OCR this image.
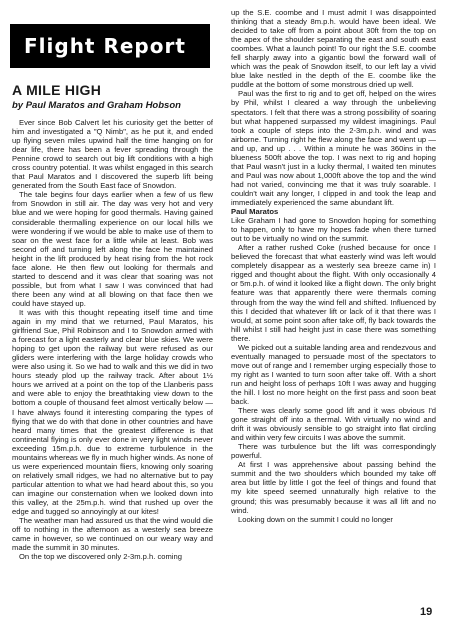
Flight Report
A MILE HIGH
by Paul Maratos and Graham Hobson

Ever since Bob Calvert let his curiosity get the better of him and investigated a "Q Nimb", as he put it, and ended up flying seven miles upwind half the time hanging on for dear life, there has been a fever spreading through the Pennine crowd to search out big lift conditions with a high cross country potential. It was whilst engaged in this search that Paul Maratos and I discovered the superb lift being generated from the South East face of Snowdon.

The tale begins four days earlier when a few of us flew from Snowdon in still air. The day was very hot and very blue and we were hoping for good thermals. Having gained considerable thermalling experience on our local hills we were wondering if we would be able to make use of them to soar on the west face for a little while at least. Bob was second off and turning left along the face he maintained height in the lift produced by heat rising from the hot rock face alone. He then flew out looking for thermals and started to descend and it was clear that soaring was not possible, but from what I saw I was convinced that had there been any wind at all blowing on that face then we could have stayed up.

It was with this thought repeating itself time and time again in my mind that we returned, Paul Maratos, his girlfriend Sue, Phil Robinson and I to Snowdon armed with a forecast for a light easterly and clear blue skies. We were hoping to get upon the railway but were refused as our gliders were interfering with the large holiday crowds who were also using it. So we had to walk and this we did in two hours steady plod up the railway track. After about 1½ hours we arrived at a point on the top of the Llanberis pass and were able to enjoy the breathtaking view down to the bottom a couple of thousand feet almost vertically below — I have always found it interesting comparing the types of flying that we do with that done in other countries and have heard many times that the greatest difference is that continental flying is only ever done in very light winds never exceeding 15m.p.h. due to extreme turbulence in the mountains whereas we fly in much higher winds. As none of us were experienced mountain fliers, knowing only soaring on relatively small ridges, we had no alternative but to pay particular attention to what we had heard about this, so you can imagine our consternation when we looked down into this valley, at the 25m.p.h. wind that rushed up over the edge and tugged so annoyingly at our kites!

The weather man had assured us that the wind would die off to nothing in the afternoon as a westerly sea breeze came in however, so we continued on our weary way and made the summit in 30 minutes.

On the top we discovered only 2-3m.p.h. coming

up the S.E. coombe and I must admit I was disappointed thinking that a steady 8m.p.h. would have been ideal. We decided to take off from a point about 30ft from the top on the apex of the shoulder separating the east and south east coombes. What a launch point! To our right the S.E. coombe fell sharply away into a gigantic bowl the forward wall of which was the peak of Snowdon itself, to our left lay a vivid blue lake nestled in the depth of the E. coombe like the puddle at the bottom of some monstrous dried up well.

Paul was the first to rig and to get off, helped on the wires by Phil, whilst I cleared a way through the unbelieving spectators. I felt that there was a strong possibility of soaring but what happened surpassed my wildest imaginings. Paul took a couple of steps into the 2-3m.p.h. wind and was airborne. Turning right he flew along the face and went up — and up, and up . . . Within a minute he was 360ins in the blueness 500ft above the top. I was next to rig and hoping that Paul wasn't just in a lucky thermal, I waited ten minutes and Paul was now about 1,000ft above the top and the wind had not varied, convincing me that it was truly soarable. I couldn't wait any longer, I clipped in and took the leap and immediately experienced the same abundant lift.

Paul Maratos

Like Graham I had gone to Snowdon hoping for something to happen, only to have my hopes fade when there turned out to be virtually no wind on the summit.

After a rather rushed Coke (rushed because for once I believed the forecast that what easterly wind was left would completely disappear as a westerly sea breeze came in) I rigged and thought about the flight. With only occasionally 4 or 5m.p.h. of wind it looked like a flight down. The only bright feature was that apparently there were thermals coming through from the way the wind fell and shifted. Influenced by this I decided that whatever lift or lack of it that there was I would, at some point soon after take off, fly back towards the hill whilst I still had height just in case there was something there.

We picked out a suitable landing area and rendezvous and eventually managed to persuade most of the spectators to move out of range and I remember urging especially those to my right as I wanted to turn soon after take off. With a short run and height loss of perhaps 10ft I was away and hugging the hill. I lost no more height on the first pass and soon beat back.

There was clearly some good lift and it was obvious I'd gone straight off into a thermal. With virtually no wind and drift it was obviously sensible to go straight into flat circling and within very few circuits I was above the summit.

There was turbulence but the lift was correspondingly powerful.

At first I was apprehensive about passing behind the summit and the two shoulders which bounded my take off area but little by little I got the feel of things and found that my kite speed seemed unnaturally high relative to the ground; this was presumably because it was all lift and no wind.

Looking down on the summit I could no longer

19
